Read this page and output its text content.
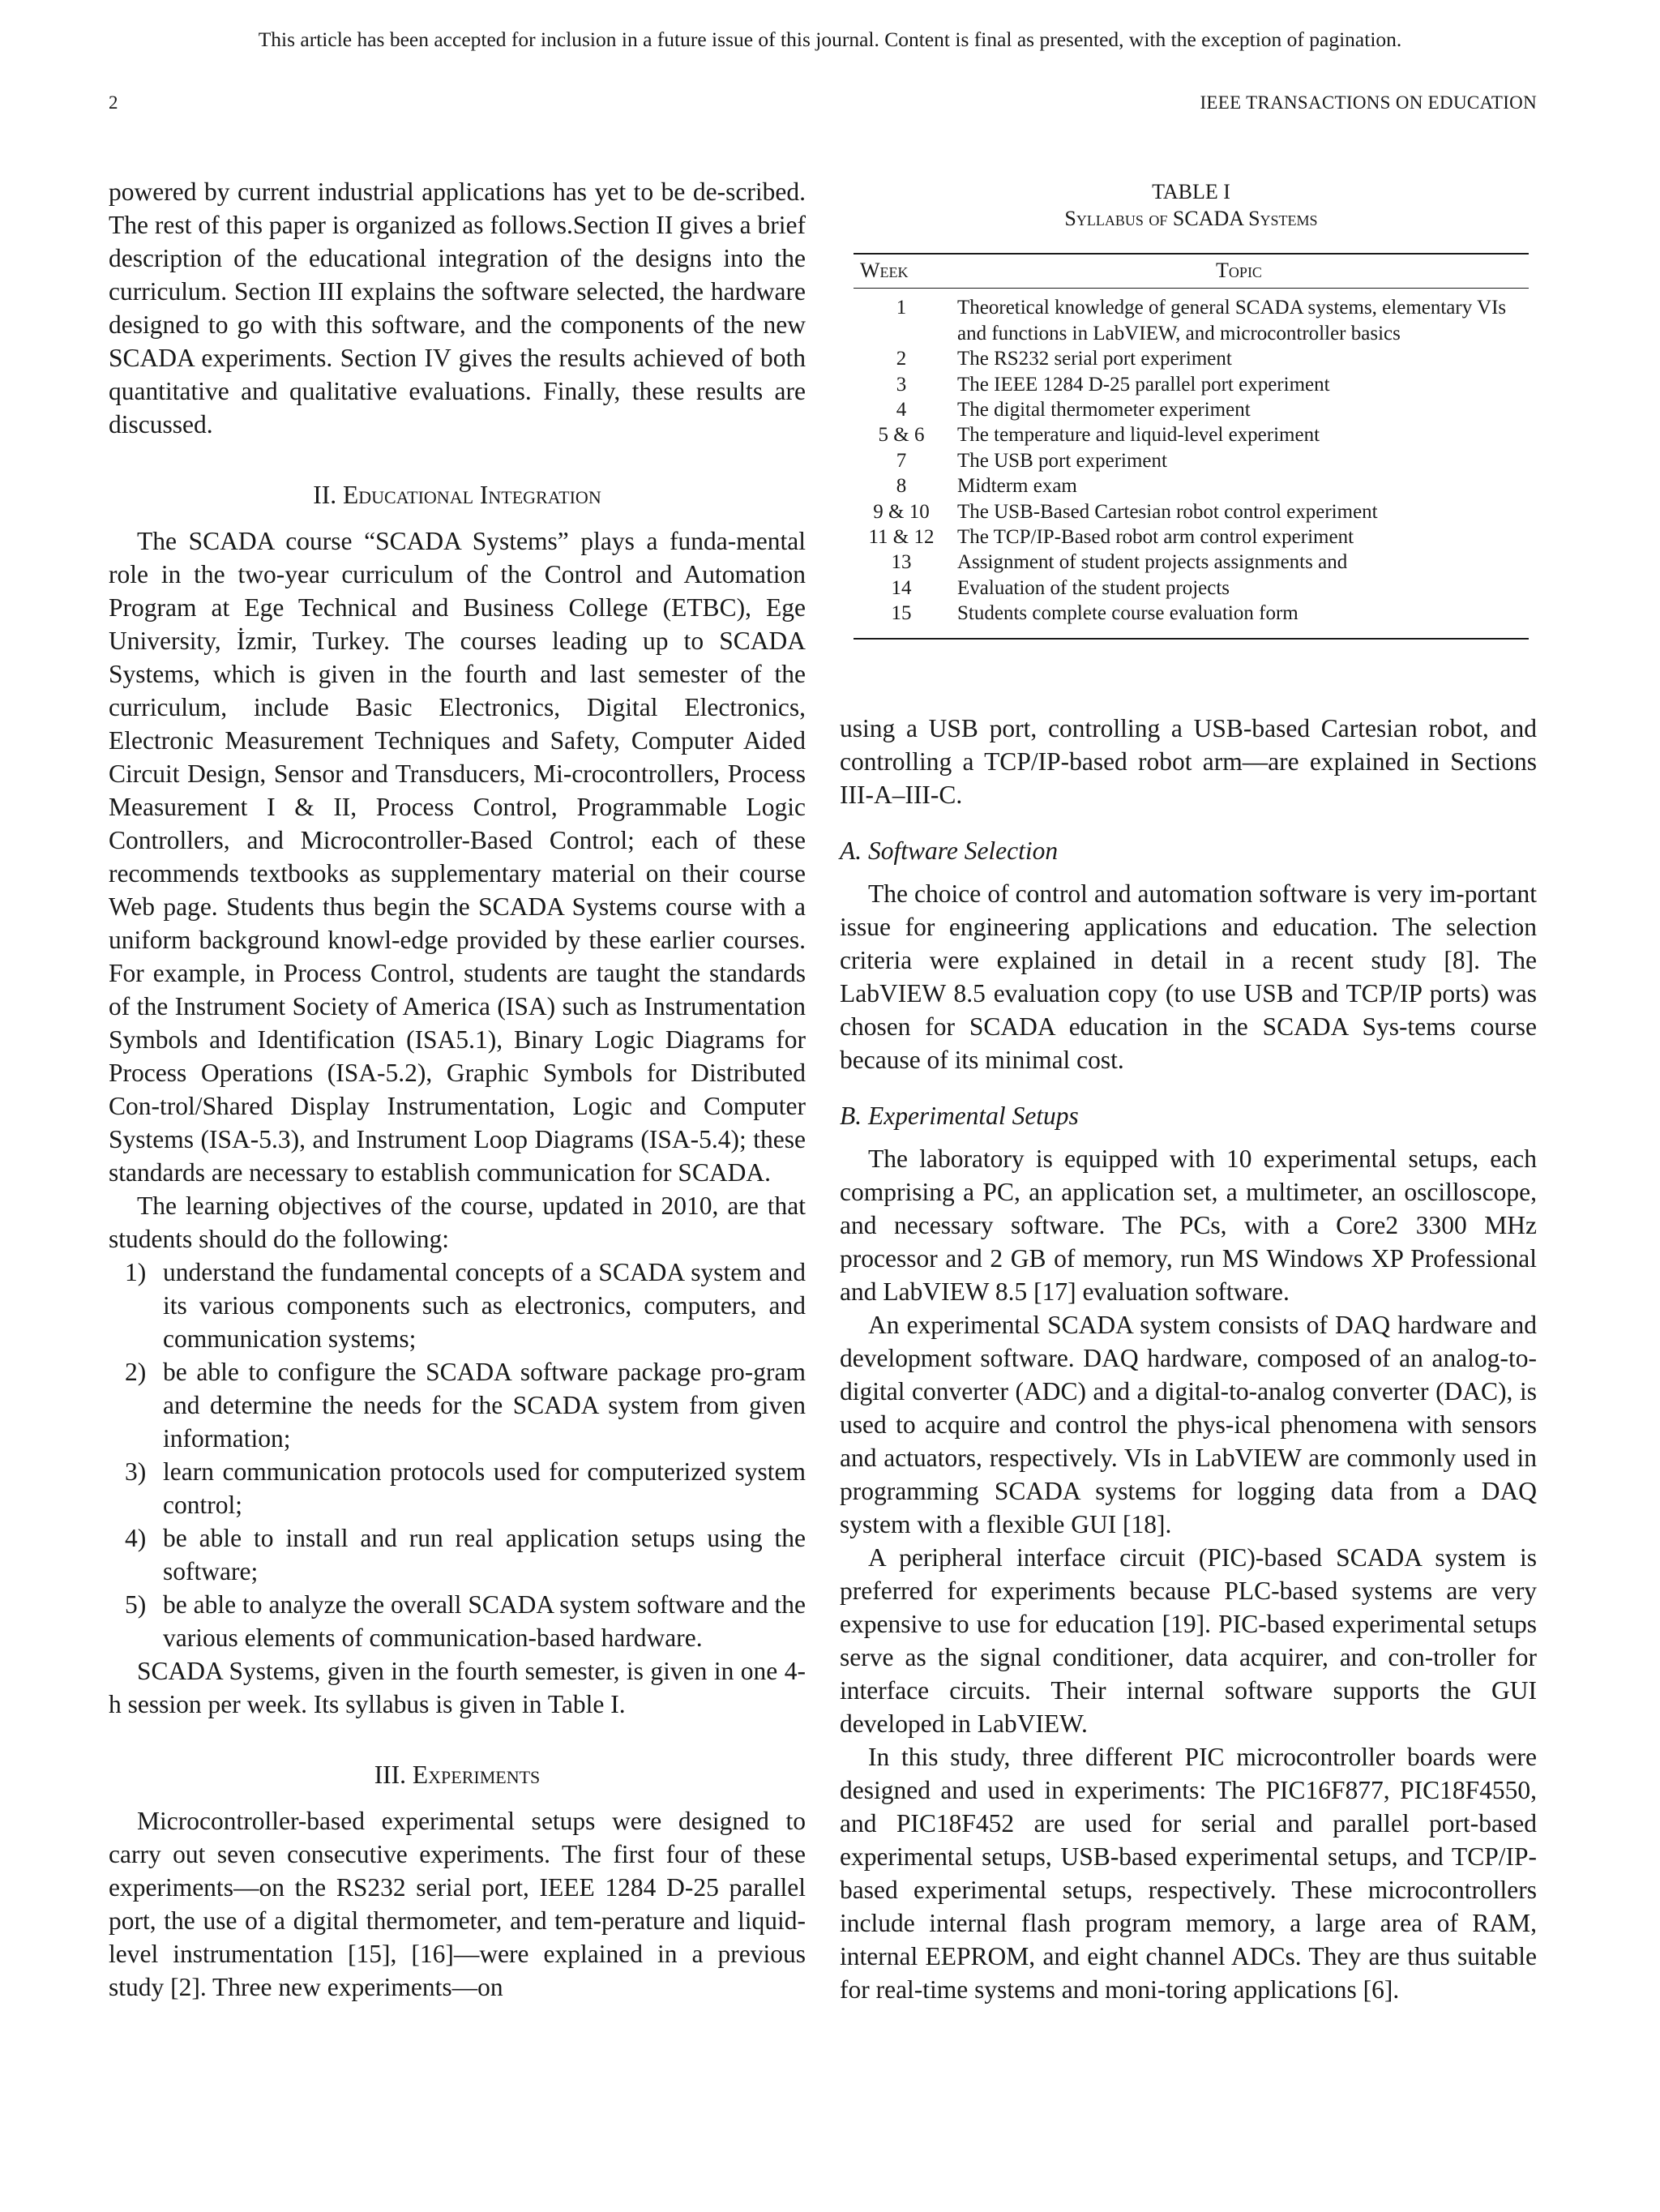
This article has been accepted for inclusion in a future issue of this journal. Content is final as presented, with the exception of pagination.
2	IEEE TRANSACTIONS ON EDUCATION

powered by current industrial applications has yet to be de-scribed. The rest of this paper is organized as follows.Section II gives a brief description of the educational integration of the designs into the curriculum. Section III explains the software selected, the hardware designed to go with this software, and the components of the new SCADA experiments. Section IV gives the results achieved of both quantitative and qualitative evaluations. Finally, these results are discussed.

II. Educational Integration

The SCADA course “SCADA Systems” plays a funda-mental role in the two-year curriculum of the Control and Automation Program at Ege Technical and Business College (ETBC), Ege University, İzmir, Turkey. The courses leading up to SCADA Systems, which is given in the fourth and last semester of the curriculum, include Basic Electronics, Digital Electronics, Electronic Measurement Techniques and Safety, Computer Aided Circuit Design, Sensor and Transducers, Mi-crocontrollers, Process Measurement I & II, Process Control, Programmable Logic Controllers, and Microcontroller-Based Control; each of these recommends textbooks as supplementary material on their course Web page. Students thus begin the SCADA Systems course with a uniform background knowl-edge provided by these earlier courses. For example, in Process Control, students are taught the standards of the Instrument Society of America (ISA) such as Instrumentation Symbols and Identification (ISA5.1), Binary Logic Diagrams for Process Operations (ISA-5.2), Graphic Symbols for Distributed Con-trol/Shared Display Instrumentation, Logic and Computer Systems (ISA-5.3), and Instrument Loop Diagrams (ISA-5.4); these standards are necessary to establish communication for SCADA.

The learning objectives of the course, updated in 2010, are that students should do the following:

1) understand the fundamental concepts of a SCADA system and its various components such as electronics, computers, and communication systems;
2) be able to configure the SCADA software package pro-gram and determine the needs for the SCADA system from given information;
3) learn communication protocols used for computerized system control;
4) be able to install and run real application setups using the software;
5) be able to analyze the overall SCADA system software and the various elements of communication-based hardware.

SCADA Systems, given in the fourth semester, is given in one 4-h session per week. Its syllabus is given in Table I.

III. Experiments

Microcontroller-based experimental setups were designed to carry out seven consecutive experiments. The first four of these experiments—on the RS232 serial port, IEEE 1284 D-25 parallel port, the use of a digital thermometer, and tem-perature and liquid-level instrumentation [15], [16]—were explained in a previous study [2]. Three new experiments—on

TABLE I
Syllabus of SCADA Systems
Week	Topic
1	Theoretical knowledge of general SCADA systems, elementary VIs and functions in LabVIEW, and microcontroller basics
2	The RS232 serial port experiment
3	The IEEE 1284 D-25 parallel port experiment
4	The digital thermometer experiment
5 & 6	The temperature and liquid-level experiment
7	The USB port experiment
8	Midterm exam
9 & 10	The USB-Based Cartesian robot control experiment
11 & 12	The TCP/IP-Based robot arm control experiment
13	Assignment of student projects assignments and
14	Evaluation of the student projects
15	Students complete course evaluation form

using a USB port, controlling a USB-based Cartesian robot, and controlling a TCP/IP-based robot arm—are explained in Sections III-A–III-C.

A. Software Selection

The choice of control and automation software is very im-portant issue for engineering applications and education. The selection criteria were explained in detail in a recent study [8]. The LabVIEW 8.5 evaluation copy (to use USB and TCP/IP ports) was chosen for SCADA education in the SCADA Sys-tems course because of its minimal cost.

B. Experimental Setups

The laboratory is equipped with 10 experimental setups, each comprising a PC, an application set, a multimeter, an oscilloscope, and necessary software. The PCs, with a Core2 3300 MHz processor and 2 GB of memory, run MS Windows XP Professional and LabVIEW 8.5 [17] evaluation software.

An experimental SCADA system consists of DAQ hardware and development software. DAQ hardware, composed of an analog-to-digital converter (ADC) and a digital-to-analog converter (DAC), is used to acquire and control the phys-ical phenomena with sensors and actuators, respectively. VIs in LabVIEW are commonly used in programming SCADA systems for logging data from a DAQ system with a flexible GUI [18].

A peripheral interface circuit (PIC)-based SCADA system is preferred for experiments because PLC-based systems are very expensive to use for education [19]. PIC-based experimental setups serve as the signal conditioner, data acquirer, and con-troller for interface circuits. Their internal software supports the GUI developed in LabVIEW.

In this study, three different PIC microcontroller boards were designed and used in experiments: The PIC16F877, PIC18F4550, and PIC18F452 are used for serial and parallel port-based experimental setups, USB-based experimental setups, and TCP/IP-based experimental setups, respectively. These microcontrollers include internal flash program memory, a large area of RAM, internal EEPROM, and eight channel ADCs. They are thus suitable for real-time systems and moni-toring applications [6].
